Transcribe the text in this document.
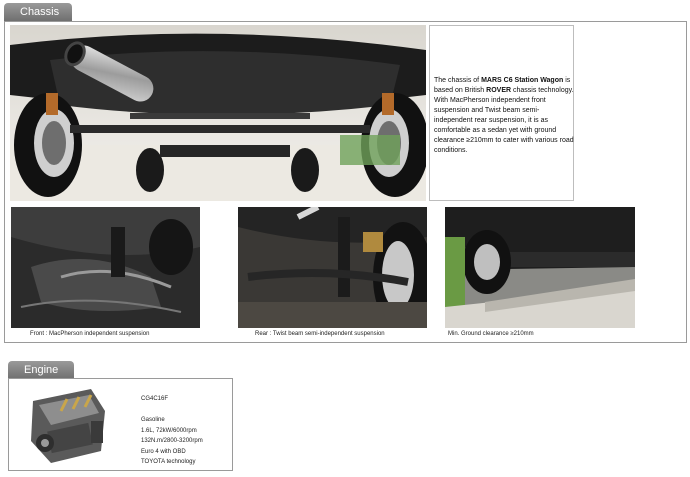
Chassis
The chassis of MARS C6 Station Wagon is based on British ROVER chassis technology. With MacPherson independent front suspension and Twist beam semi-independent rear suspension, it is as comfortable as a sedan yet with ground clearance ≥210mm to cater with various road conditions.
Front : MacPherson independent suspension	Rear : Twist beam semi-independent suspension	Min. Ground clearance ≥210mm
Engine
CG4C16F
Gasoline
1.6L, 72kW/6000rpm
132N.m/2800-3200rpm
Euro 4 with OBD
TOYOTA technology
